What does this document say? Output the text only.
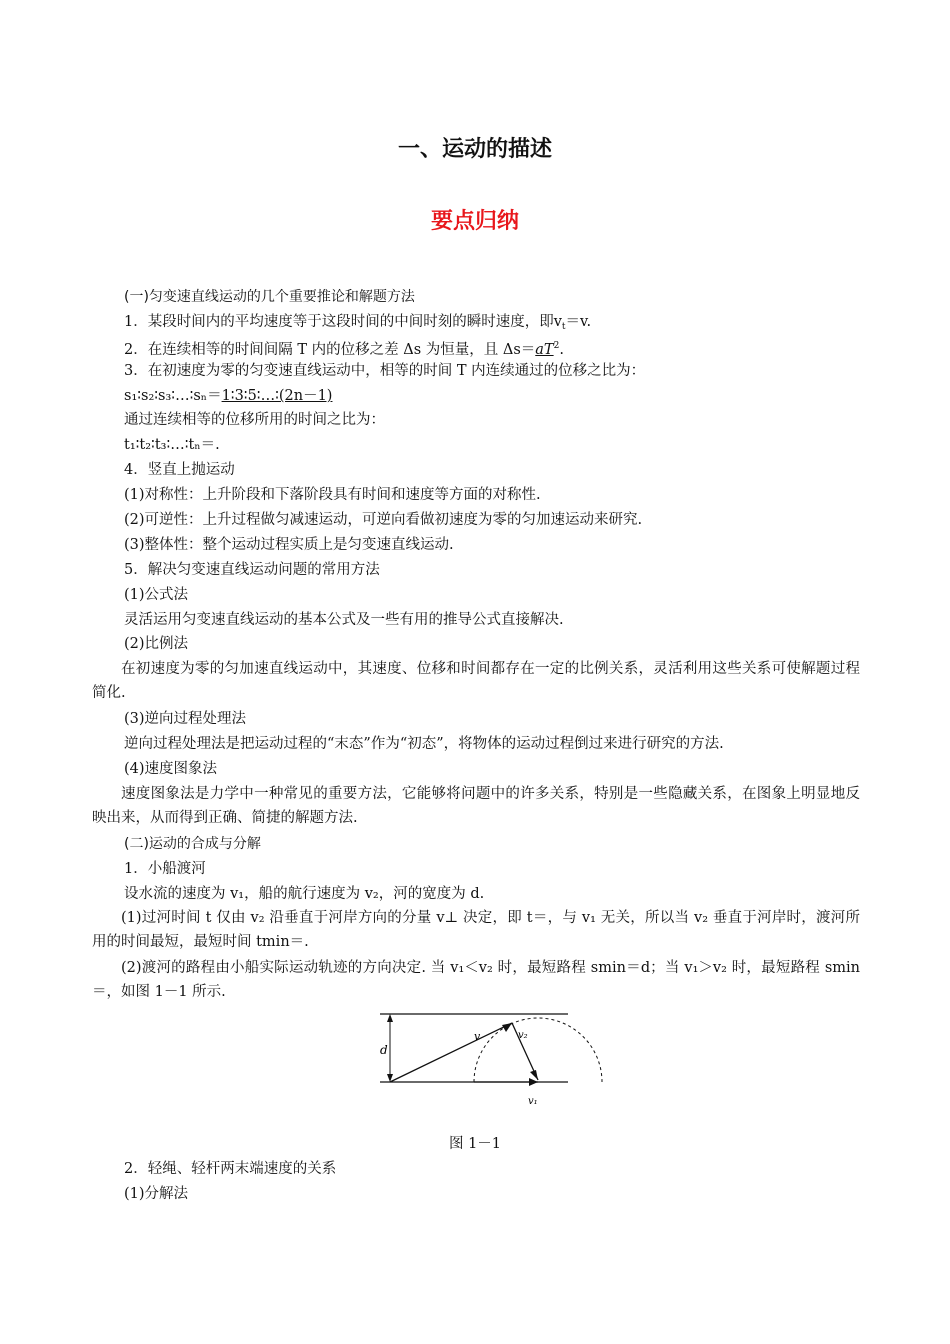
一、运动的描述
要点归纳
(一)匀变速直线运动的几个重要推论和解题方法
1．某段时间内的平均速度等于这段时间的中间时刻的瞬时速度，即$v_t=v$.
2．在连续相等的时间间隔 T 内的位移之差 Δs 为恒量，且 $\Delta s=aT^2$.
3．在初速度为零的匀变速直线运动中，相等的时间 T 内连续通过的位移之比为：
s₁∶s₂∶s₃∶…∶sₙ＝1∶3∶5∶…∶(2n－1)
通过连续相等的位移所用的时间之比为：
t₁∶t₂∶t₃∶…∶tₙ＝.
4．竖直上抛运动
(1)对称性：上升阶段和下落阶段具有时间和速度等方面的对称性.
(2)可逆性：上升过程做匀减速运动，可逆向看做初速度为零的匀加速运动来研究.
(3)整体性：整个运动过程实质上是匀变速直线运动.
5．解决匀变速直线运动问题的常用方法
(1)公式法
灵活运用匀变速直线运动的基本公式及一些有用的推导公式直接解决.
(2)比例法
在初速度为零的匀加速直线运动中，其速度、位移和时间都存在一定的比例关系，灵活利用这些关系可使解题过程简化.
(3)逆向过程处理法
逆向过程处理法是把运动过程的“末态”作为“初态”，将物体的运动过程倒过来进行研究的方法.
(4)速度图象法
速度图象法是力学中一种常见的重要方法，它能够将问题中的许多关系，特别是一些隐藏关系，在图象上明显地反映出来，从而得到正确、简捷的解题方法.
(二)运动的合成与分解
1．小船渡河
设水流的速度为 v₁，船的航行速度为 v₂，河的宽度为 d.
(1)过河时间 t 仅由 v₂ 沿垂直于河岸方向的分量 v⊥ 决定，即 t＝，与 v₁ 无关，所以当 v₂ 垂直于河岸时，渡河所用的时间最短，最短时间 tmin＝.
(2)渡河的路程由小船实际运动轨迹的方向决定. 当 v₁＜v₂ 时，最短路程 smin＝d；当 v₁＞v₂ 时，最短路程 smin＝，如图 1－1 所示.
d
v	v₂
v₁
图 1－1
2．轻绳、轻杆两末端速度的关系
(1)分解法
